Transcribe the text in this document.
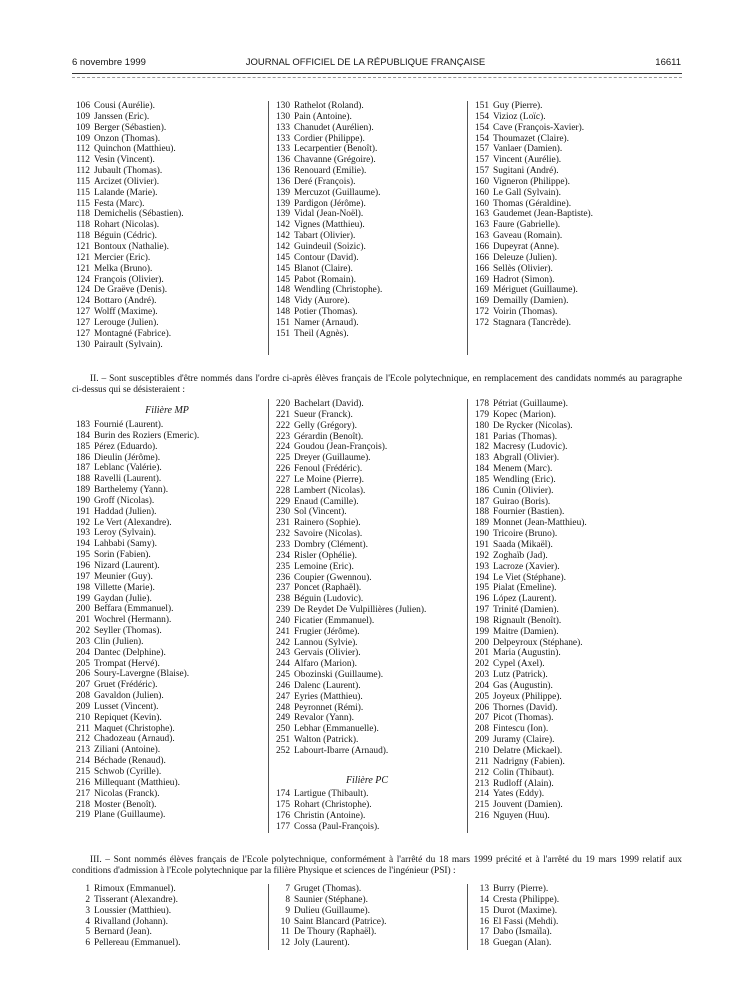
6 novembre 1999	JOURNAL OFFICIEL DE LA RÉPUBLIQUE FRANÇAISE	16611
106 Cousi (Aurélie).
109 Janssen (Eric).
109 Berger (Sébastien).
109 Onzon (Thomas).
112 Quinchon (Matthieu).
112 Vesin (Vincent).
112 Jubault (Thomas).
115 Arcizet (Olivier).
115 Lalande (Marie).
115 Festa (Marc).
118 Demichelis (Sébastien).
118 Rohart (Nicolas).
118 Béguin (Cédric).
121 Bontoux (Nathalie).
121 Mercier (Eric).
121 Melka (Bruno).
124 François (Olivier).
124 De Graëve (Denis).
124 Bottaro (André).
127 Wolff (Maxime).
127 Lerouge (Julien).
127 Montagné (Fabrice).
130 Pairault (Sylvain).
130 Rathelot (Roland).
130 Pain (Antoine).
133 Chanudet (Aurélien).
133 Cordier (Philippe).
133 Lecarpentier (Benoît).
136 Chavanne (Grégoire).
136 Renouard (Emilie).
136 Deré (François).
139 Mercuzot (Guillaume).
139 Pardigon (Jérôme).
139 Vidal (Jean-Noël).
142 Vignes (Matthieu).
142 Tabart (Olivier).
142 Guindeuil (Soizic).
145 Contour (David).
145 Blanot (Claire).
145 Pabot (Romain).
148 Wendling (Christophe).
148 Vidy (Aurore).
148 Potier (Thomas).
151 Namer (Arnaud).
151 Theil (Agnès).
151 Guy (Pierre).
154 Vizioz (Loïc).
154 Cave (François-Xavier).
154 Thoumazet (Claire).
157 Vanlaer (Damien).
157 Vincent (Aurélie).
157 Sugitani (André).
160 Vigneron (Philippe).
160 Le Gall (Sylvain).
160 Thomas (Géraldine).
163 Gaudemet (Jean-Baptiste).
163 Faure (Gabrielle).
163 Gaveau (Romain).
166 Dupeyrat (Anne).
166 Deleuze (Julien).
166 Sellès (Olivier).
169 Hadrot (Simon).
169 Mériguet (Guillaume).
169 Demailly (Damien).
172 Voirin (Thomas).
172 Stagnara (Tancrède).
II. – Sont susceptibles d'être nommés dans l'ordre ci-après élèves français de l'Ecole polytechnique, en remplacement des candidats nommés au paragraphe ci-dessus qui se désisteraient :
Filière MP
183 Fournié (Laurent).
184 Burin des Roziers (Emeric).
185 Pérez (Eduardo).
186 Dieulin (Jérôme).
187 Leblanc (Valérie).
188 Ravelli (Laurent).
189 Barthelemy (Yann).
190 Groff (Nicolas).
191 Haddad (Julien).
192 Le Vert (Alexandre).
193 Leroy (Sylvain).
194 Lahbabi (Samy).
195 Sorin (Fabien).
196 Nizard (Laurent).
197 Meunier (Guy).
198 Villette (Marie).
199 Gaydan (Julie).
200 Beffara (Emmanuel).
201 Wochrel (Hermann).
202 Seyller (Thomas).
203 Clin (Julien).
204 Dantec (Delphine).
205 Trompat (Hervé).
206 Soury-Lavergne (Blaise).
207 Gruet (Frédéric).
208 Gavaldon (Julien).
209 Lusset (Vincent).
210 Repiquet (Kevin).
211 Maquet (Christophe).
212 Chadozeau (Arnaud).
213 Ziliani (Antoine).
214 Béchade (Renaud).
215 Schwob (Cyrille).
216 Millequant (Matthieu).
217 Nicolas (Franck).
218 Moster (Benoît).
219 Plane (Guillaume).
220 Bachelart (David).
221 Sueur (Franck).
222 Gelly (Grégory).
223 Gérardin (Benoît).
224 Goudou (Jean-François).
225 Dreyer (Guillaume).
226 Fenoul (Frédéric).
227 Le Moine (Pierre).
228 Lambert (Nicolas).
229 Enaud (Camille).
230 Sol (Vincent).
231 Rainero (Sophie).
232 Savoire (Nicolas).
233 Dombry (Clément).
234 Risler (Ophélie).
235 Lemoine (Eric).
236 Coupier (Gwennou).
237 Poncet (Raphaël).
238 Béguin (Ludovic).
239 De Reydet De Vulpillières (Julien).
240 Ficatier (Emmanuel).
241 Frugier (Jérôme).
242 Lannou (Sylvie).
243 Gervais (Olivier).
244 Alfaro (Marion).
245 Obozinski (Guillaume).
246 Dalenc (Laurent).
247 Eyries (Matthieu).
248 Peyronnet (Rémi).
249 Revalor (Yann).
250 Lebhar (Emmanuelle).
251 Walton (Patrick).
252 Labourt-Ibarre (Arnaud).
Filière PC
174 Lartigue (Thibault).
175 Rohart (Christophe).
176 Christin (Antoine).
177 Cossa (Paul-François).
178 Pétriat (Guillaume).
179 Kopec (Marion).
180 De Rycker (Nicolas).
181 Parias (Thomas).
182 Macresy (Ludovic).
183 Abgrall (Olivier).
184 Menem (Marc).
185 Wendling (Eric).
186 Cunin (Olivier).
187 Guirao (Boris).
188 Fournier (Bastien).
189 Monnet (Jean-Matthieu).
190 Tricoire (Bruno).
191 Saada (Mikaël).
192 Zoghaïb (Jad).
193 Lacroze (Xavier).
194 Le Viet (Stéphane).
195 Pialat (Emeline).
196 López (Laurent).
197 Trinité (Damien).
198 Rignault (Benoît).
199 Maitre (Damien).
200 Delpeyroux (Stéphane).
201 Maria (Augustin).
202 Cypel (Axel).
203 Lutz (Patrick).
204 Gas (Augustin).
205 Joyeux (Philippe).
206 Thornes (David).
207 Picot (Thomas).
208 Fintescu (Ion).
209 Juramy (Claire).
210 Delatre (Mickael).
211 Nadrigny (Fabien).
212 Colin (Thibaut).
213 Rudloff (Alain).
214 Yates (Eddy).
215 Jouvent (Damien).
216 Nguyen (Huu).
III. – Sont nommés élèves français de l'Ecole polytechnique, conformément à l'arrêté du 18 mars 1999 précité et à l'arrêté du 19 mars 1999 relatif aux conditions d'admission à l'Ecole polytechnique par la filière Physique et sciences de l'ingénieur (PSI) :
1 Rimoux (Emmanuel).
2 Tisserant (Alexandre).
3 Loussier (Matthieu).
4 Rivalland (Johann).
5 Bernard (Jean).
6 Pellereau (Emmanuel).
7 Gruget (Thomas).
8 Saunier (Stéphane).
9 Dulieu (Guillaume).
10 Saint Blancard (Patrice).
11 De Thoury (Raphaël).
12 Joly (Laurent).
13 Burry (Pierre).
14 Cresta (Philippe).
15 Durot (Maxime).
16 El Fassi (Mehdi).
17 Dabo (Ismaïla).
18 Guegan (Alan).
